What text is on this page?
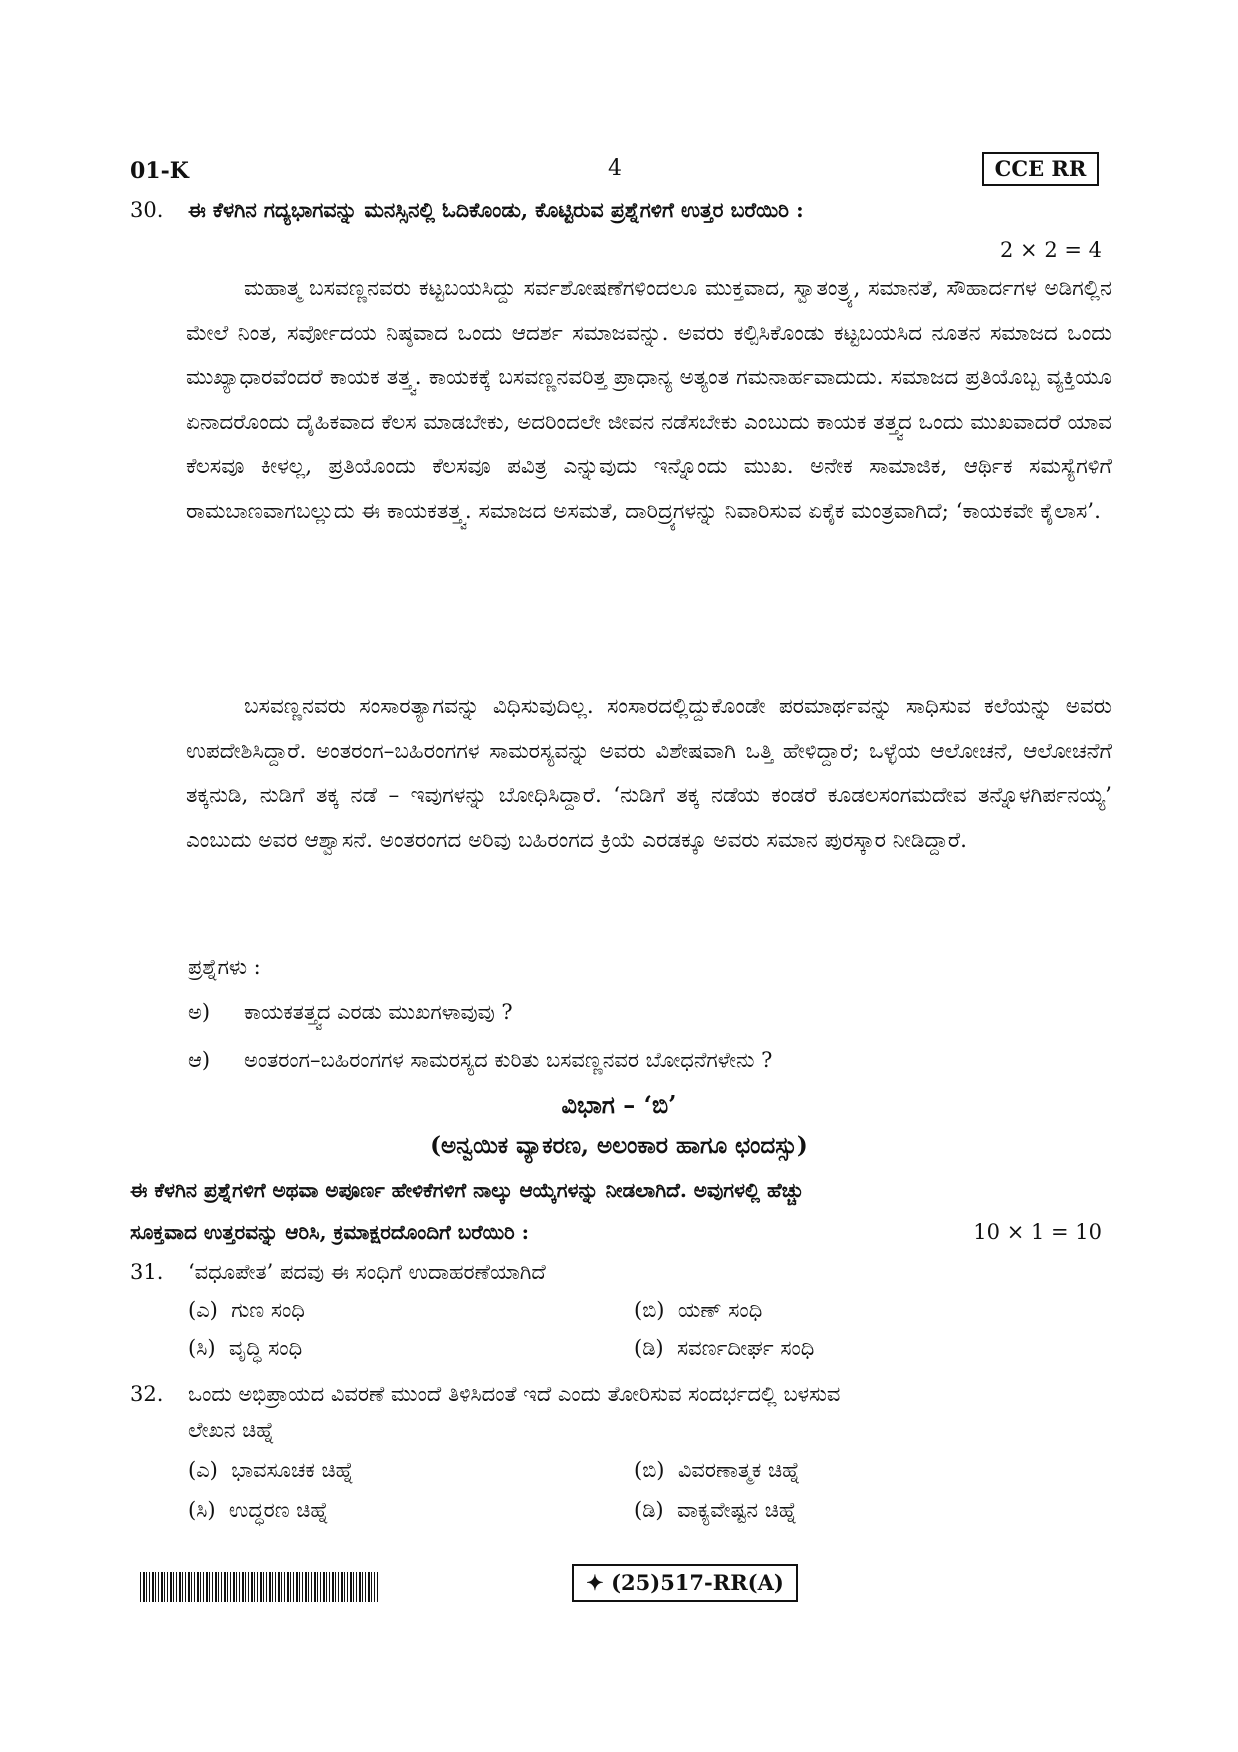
01-K	4	CCE RR
30. ಈ ಕೆಳಗಿನ ಗದ್ಯಭಾಗವನ್ನು ಮನಸ್ಸಿನಲ್ಲಿ ಓದಿಕೊಂಡು, ಕೊಟ್ಟಿರುವ ಪ್ರಶ್ನೆಗಳಿಗೆ ಉತ್ತರ ಬರೆಯಿರಿ :
2 × 2 = 4

ಮಹಾತ್ಮ ಬಸವಣ್ಣನವರು ಕಟ್ಟಬಯಸಿದ್ದು ಸರ್ವಶೋಷಣೆಗಳಿಂದಲೂ ಮುಕ್ತವಾದ, ಸ್ವಾತಂತ್ರ್ಯ, ಸಮಾನತೆ, ಸೌಹಾರ್ದಗಳ ಅಡಿಗಲ್ಲಿನ ಮೇಲೆ ನಿಂತ, ಸರ್ವೋದಯ ನಿಷ್ಠವಾದ ಒಂದು ಆದರ್ಶ ಸಮಾಜವನ್ನು. ಅವರು ಕಲ್ಪಿಸಿಕೊಂಡು ಕಟ್ಟಬಯಸಿದ ನೂತನ ಸಮಾಜದ ಒಂದು ಮುಖ್ಯಾಧಾರವೆಂದರೆ ಕಾಯಕ ತತ್ತ್ವ. ಕಾಯಕಕ್ಕೆ ಬಸವಣ್ಣನವರಿತ್ತ ಪ್ರಾಧಾನ್ಯ ಅತ್ಯಂತ ಗಮನಾರ್ಹವಾದುದು. ಸಮಾಜದ ಪ್ರತಿಯೊಬ್ಬ ವ್ಯಕ್ತಿಯೂ ಏನಾದರೊಂದು ದೈಹಿಕವಾದ ಕೆಲಸ ಮಾಡಬೇಕು, ಅದರಿಂದಲೇ ಜೀವನ ನಡೆಸಬೇಕು ಎಂಬುದು ಕಾಯಕ ತತ್ತ್ವದ ಒಂದು ಮುಖವಾದರೆ ಯಾವ ಕೆಲಸವೂ ಕೀಳಲ್ಲ, ಪ್ರತಿಯೊಂದು ಕೆಲಸವೂ ಪವಿತ್ರ ಎನ್ನುವುದು ಇನ್ನೊಂದು ಮುಖ. ಅನೇಕ ಸಾಮಾಜಿಕ, ಆರ್ಥಿಕ ಸಮಸ್ಯೆಗಳಿಗೆ ರಾಮಬಾಣವಾಗಬಲ್ಲುದು ಈ ಕಾಯಕತತ್ತ್ವ. ಸಮಾಜದ ಅಸಮತೆ, ದಾರಿದ್ರ್ಯಗಳನ್ನು ನಿವಾರಿಸುವ ಏಕೈಕ ಮಂತ್ರವಾಗಿದೆ; ‘ಕಾಯಕವೇ ಕೈಲಾಸ’.

ಬಸವಣ್ಣನವರು ಸಂಸಾರತ್ಯಾಗವನ್ನು ವಿಧಿಸುವುದಿಲ್ಲ. ಸಂಸಾರದಲ್ಲಿದ್ದುಕೊಂಡೇ ಪರಮಾರ್ಥವನ್ನು ಸಾಧಿಸುವ ಕಲೆಯನ್ನು ಅವರು ಉಪದೇಶಿಸಿದ್ದಾರೆ. ಅಂತರಂಗ–ಬಹಿರಂಗಗಳ ಸಾಮರಸ್ಯವನ್ನು ಅವರು ವಿಶೇಷವಾಗಿ ಒತ್ತಿ ಹೇಳಿದ್ದಾರೆ; ಒಳ್ಳೆಯ ಆಲೋಚನೆ, ಆಲೋಚನೆಗೆ ತಕ್ಕನುಡಿ, ನುಡಿಗೆ ತಕ್ಕ ನಡೆ – ಇವುಗಳನ್ನು ಬೋಧಿಸಿದ್ದಾರೆ. ‘ನುಡಿಗೆ ತಕ್ಕ ನಡೆಯ ಕಂಡರೆ ಕೂಡಲಸಂಗಮದೇವ ತನ್ನೊಳಗಿರ್ಪನಯ್ಯ’ ಎಂಬುದು ಅವರ ಆಶ್ವಾಸನೆ. ಅಂತರಂಗದ ಅರಿವು ಬಹಿರಂಗದ ಕ್ರಿಯೆ ಎರಡಕ್ಕೂ ಅವರು ಸಮಾನ ಪುರಸ್ಕಾರ ನೀಡಿದ್ದಾರೆ.

ಪ್ರಶ್ನೆಗಳು :
ಅ) ಕಾಯಕತತ್ತ್ವದ ಎರಡು ಮುಖಗಳಾವುವು ?
ಆ) ಅಂತರಂಗ–ಬಹಿರಂಗಗಳ ಸಾಮರಸ್ಯದ ಕುರಿತು ಬಸವಣ್ಣನವರ ಬೋಧನೆಗಳೇನು ?
ವಿಭಾಗ – ‘ಬಿ’
(ಅನ್ವಯಿಕ ವ್ಯಾಕರಣ, ಅಲಂಕಾರ ಹಾಗೂ ಛಂದಸ್ಸು)
ಈ ಕೆಳಗಿನ ಪ್ರಶ್ನೆಗಳಿಗೆ ಅಥವಾ ಅಪೂರ್ಣ ಹೇಳಿಕೆಗಳಿಗೆ ನಾಲ್ಕು ಆಯ್ಕೆಗಳನ್ನು ನೀಡಲಾಗಿದೆ. ಅವುಗಳಲ್ಲಿ ಹೆಚ್ಚು
ಸೂಕ್ತವಾದ ಉತ್ತರವನ್ನು ಆರಿಸಿ, ಕ್ರಮಾಕ್ಷರದೊಂದಿಗೆ ಬರೆಯಿರಿ :	10 × 1 = 10
31. ‘ವಧೂಪೇತ’ ಪದವು ಈ ಸಂಧಿಗೆ ಉದಾಹರಣೆಯಾಗಿದೆ
(ಎ) ಗುಣ ಸಂಧಿ	(ಬಿ) ಯಣ್ ಸಂಧಿ
(ಸಿ) ವೃದ್ಧಿ ಸಂಧಿ	(ಡಿ) ಸವರ್ಣದೀರ್ಘ ಸಂಧಿ
32. ಒಂದು ಅಭಿಪ್ರಾಯದ ವಿವರಣೆ ಮುಂದೆ ತಿಳಿಸಿದಂತೆ ಇದೆ ಎಂದು ತೋರಿಸುವ ಸಂದರ್ಭದಲ್ಲಿ ಬಳಸುವ
ಲೇಖನ ಚಿಹ್ನೆ
(ಎ) ಭಾವಸೂಚಕ ಚಿಹ್ನೆ	(ಬಿ) ವಿವರಣಾತ್ಮಕ ಚಿಹ್ನೆ
(ಸಿ) ಉದ್ಧರಣ ಚಿಹ್ನೆ	(ಡಿ) ವಾಕ್ಯವೇಷ್ಟನ ಚಿಹ್ನೆ
✦ (25)517-RR(A)
